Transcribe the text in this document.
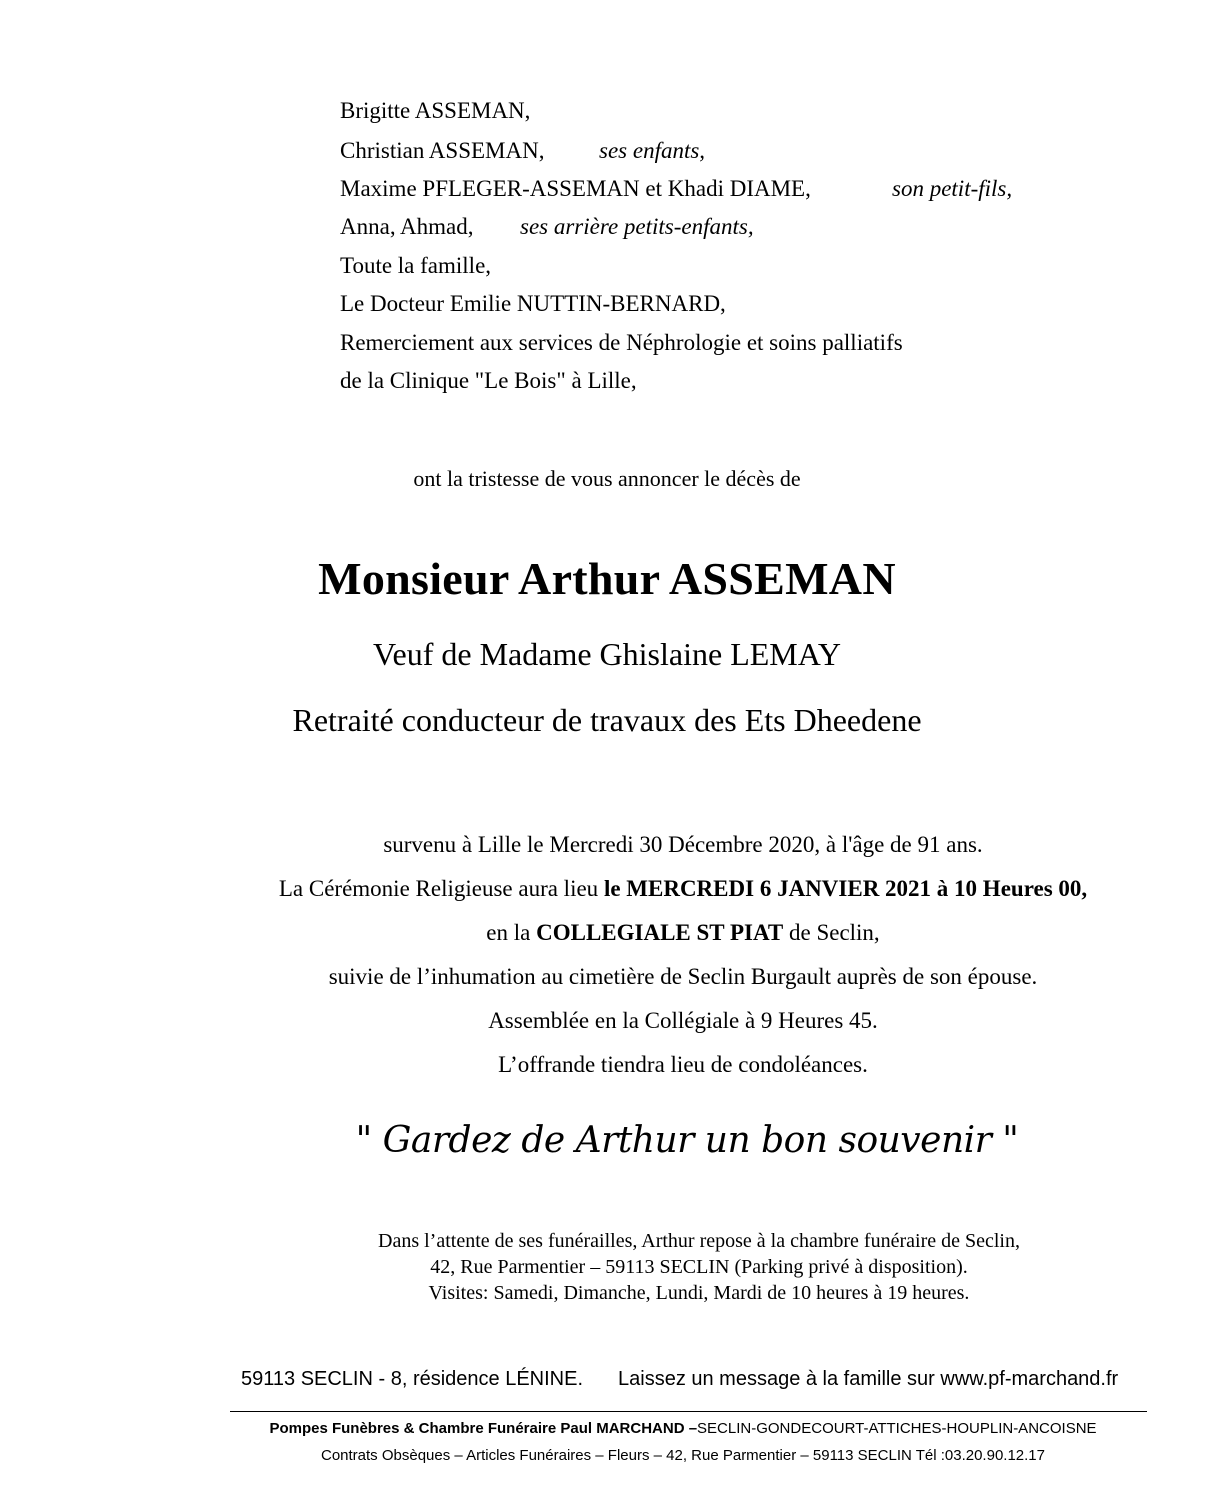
Brigitte ASSEMAN,
Christian ASSEMAN, ses enfants,
Maxime PFLEGER-ASSEMAN et Khadi DIAME,	son petit-fils,
Anna, Ahmad, ses arrière petits-enfants,
Toute la famille,
Le Docteur Emilie NUTTIN-BERNARD,
Remerciement aux services de Néphrologie et soins palliatifs
de la Clinique "Le Bois" à Lille,
ont la tristesse de vous annoncer le décès de
Monsieur Arthur ASSEMAN
Veuf de Madame Ghislaine LEMAY
Retraité conducteur de travaux des Ets Dheedene
survenu à Lille le Mercredi 30 Décembre 2020, à l'âge de 91 ans.
La Cérémonie Religieuse aura lieu le MERCREDI 6 JANVIER 2021 à 10 Heures 00,
en la COLLEGIALE ST PIAT de Seclin,
suivie de l’inhumation au cimetière de Seclin Burgault auprès de son épouse.
Assemblée en la Collégiale à 9 Heures 45.
L’offrande tiendra lieu de condoléances.
" Gardez de Arthur un bon souvenir "
Dans l’attente de ses funérailles, Arthur repose à la chambre funéraire de Seclin,
42, Rue Parmentier – 59113 SECLIN (Parking privé à disposition).
Visites: Samedi, Dimanche, Lundi, Mardi de 10 heures à 19 heures.
59113 SECLIN - 8, résidence LÉNINE. Laissez un message à la famille sur www.pf-marchand.fr
Pompes Funèbres & Chambre Funéraire Paul MARCHAND –SECLIN-GONDECOURT-ATTICHES-HOUPLIN-ANCOISNE
Contrats Obsèques – Articles Funéraires – Fleurs – 42, Rue Parmentier – 59113 SECLIN Tél :03.20.90.12.17
